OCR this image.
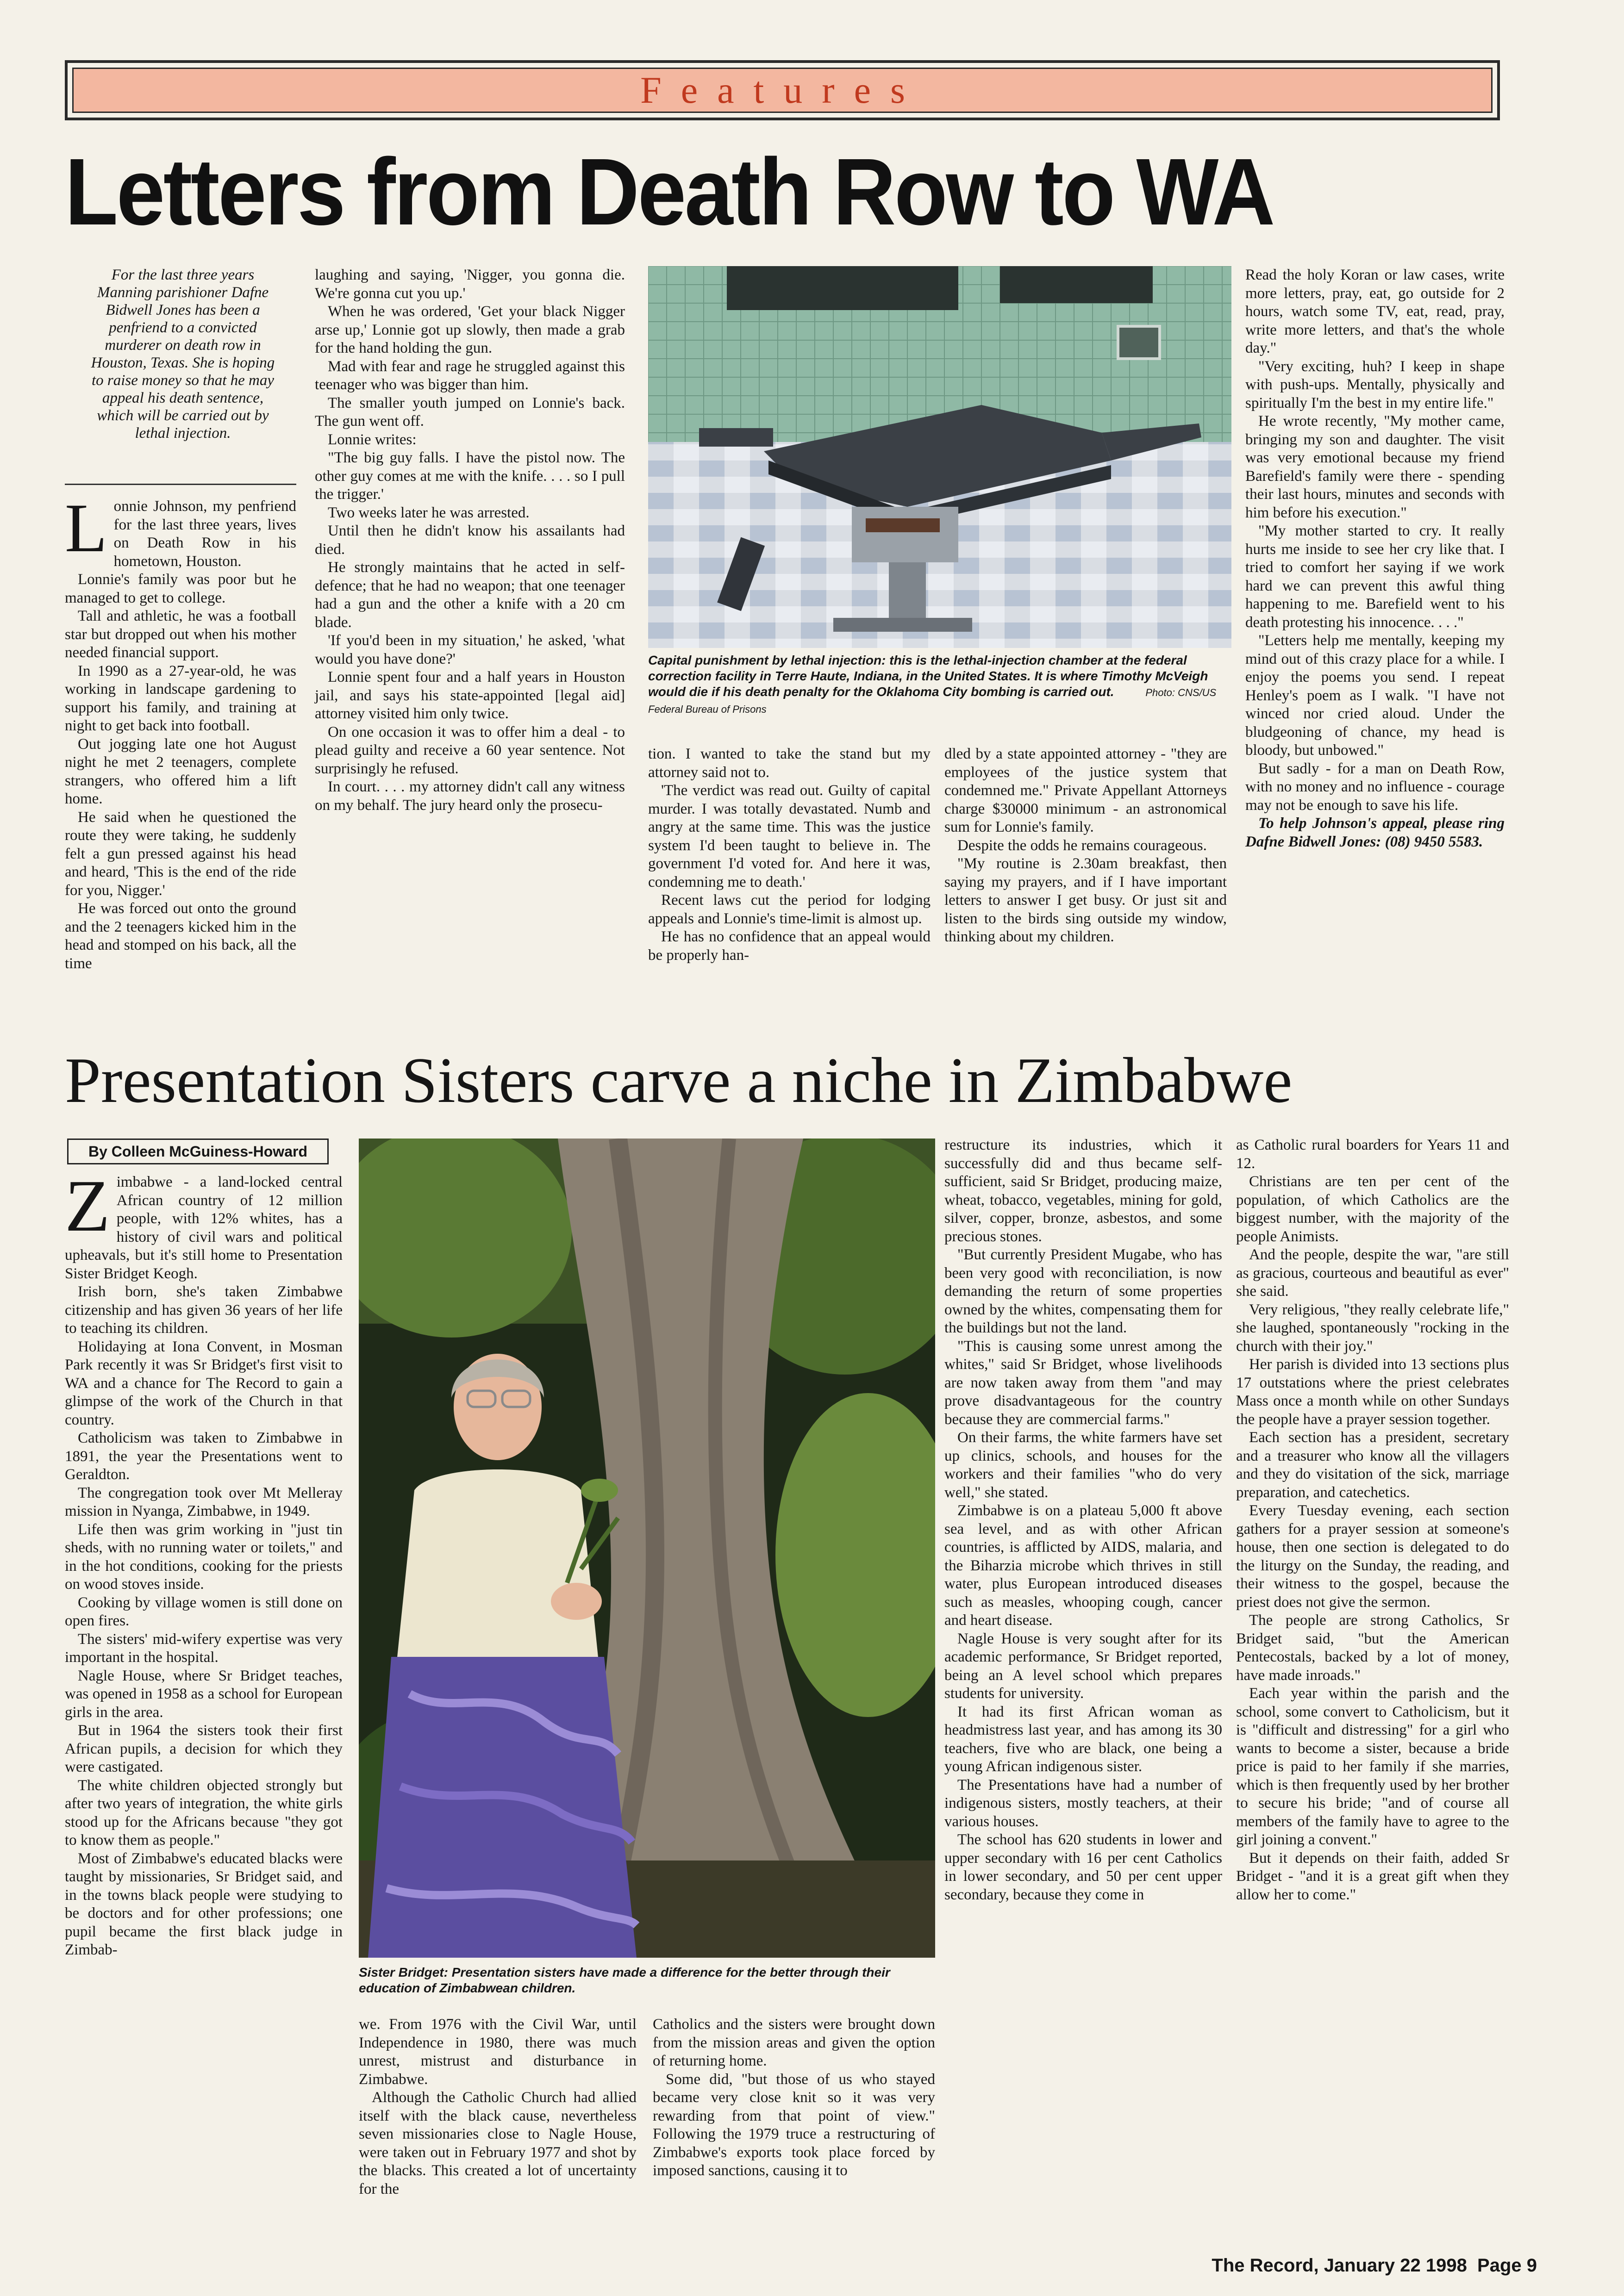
Features
Letters from Death Row to WA
For the last three years Manning parishioner Dafne Bidwell Jones has been a penfriend to a convicted murderer on death row in Houston, Texas. She is hoping to raise money so that he may appeal his death sentence, which will be carried out by lethal injection.
L onnie Johnson, my penfriend for the last three years, lives on Death Row in his hometown, Houston.

Lonnie's family was poor but he managed to get to college.

Tall and athletic, he was a football star but dropped out when his mother needed financial support.

In 1990 as a 27-year-old, he was working in landscape gardening to support his family, and training at night to get back into football.

Out jogging late one hot August night he met 2 teenagers, complete strangers, who offered him a lift home.

He said when he questioned the route they were taking, he suddenly felt a gun pressed against his head and heard, 'This is the end of the ride for you, Nigger.'

He was forced out onto the ground and the 2 teenagers kicked him in the head and stomped on his back, all the time

laughing and saying, 'Nigger, you gonna die. We're gonna cut you up.'

When he was ordered, 'Get your black Nigger arse up,' Lonnie got up slowly, then made a grab for the hand holding the gun.

Mad with fear and rage he struggled against this teenager who was bigger than him.

The smaller youth jumped on Lonnie's back. The gun went off.

Lonnie writes:

"The big guy falls. I have the pistol now. The other guy comes at me with the knife. . . . so I pull the trigger.'

Two weeks later he was arrested.

Until then he didn't know his assailants had died.

He strongly maintains that he acted in self-defence; that he had no weapon; that one teenager had a gun and the other a knife with a 20 cm blade.

'If you'd been in my situation,' he asked, 'what would you have done?'

Lonnie spent four and a half years in Houston jail, and says his state-appointed [legal aid] attorney visited him only twice.

On one occasion it was to offer him a deal - to plead guilty and receive a 60 year sentence. Not surprisingly he refused.

In court. . . . my attorney didn't call any witness on my behalf. The jury heard only the prosecu-

Capital punishment by lethal injection: this is the lethal-injection chamber at the federal correction facility in Terre Haute, Indiana, in the United States. It is where Timothy McVeigh would die if his death penalty for the Oklahoma City bombing is carried out.	Photo: CNS/US Federal Bureau of Prisons

tion. I wanted to take the stand but my attorney said not to.

'The verdict was read out. Guilty of capital murder. I was totally devastated. Numb and angry at the same time. This was the justice system I'd been taught to believe in. The government I'd voted for. And here it was, condemning me to death.'

Recent laws cut the period for lodging appeals and Lonnie's time-limit is almost up.

He has no confidence that an appeal would be properly han-

dled by a state appointed attorney - "they are employees of the justice system that condemned me." Private Appellant Attorneys charge $30000 minimum - an astronomical sum for Lonnie's family.

Despite the odds he remains courageous.

"My routine is 2.30am breakfast, then saying my prayers, and if I have important letters to answer I get busy. Or just sit and listen to the birds sing outside my window, thinking about my children.

Read the holy Koran or law cases, write more letters, pray, eat, go outside for 2 hours, watch some TV, eat, read, pray, write more letters, and that's the whole day."

"Very exciting, huh? I keep in shape with push-ups. Mentally, physically and spiritually I'm the best in my entire life."

He wrote recently, "My mother came, bringing my son and daughter. The visit was very emotional because my friend Barefield's family were there - spending their last hours, minutes and seconds with him before his execution."

"My mother started to cry. It really hurts me inside to see her cry like that. I tried to comfort her saying if we work hard we can prevent this awful thing happening to me. Barefield went to his death protesting his innocence. . . ."

"Letters help me mentally, keeping my mind out of this crazy place for a while. I enjoy the poems you send. I repeat Henley's poem as I walk. "I have not winced nor cried aloud. Under the bludgeoning of chance, my head is bloody, but unbowed."

But sadly - for a man on Death Row, with no money and no influence - courage may not be enough to save his life.

To help Johnson's appeal, please ring Dafne Bidwell Jones: (08) 9450 5583.

Presentation Sisters carve a niche in Zimbabwe
By Colleen McGuiness-Howard
Z imbabwe - a land-locked central African country of 12 million people, with 12% whites, has a history of civil wars and political upheavals, but it's still home to Presentation Sister Bridget Keogh.

Irish born, she's taken Zimbabwe citizenship and has given 36 years of her life to teaching its children.

Holidaying at Iona Convent, in Mosman Park recently it was Sr Bridget's first visit to WA and a chance for The Record to gain a glimpse of the work of the Church in that country.

Catholicism was taken to Zimbabwe in 1891, the year the Presentations went to Geraldton.

The congregation took over Mt Melleray mission in Nyanga, Zimbabwe, in 1949.

Life then was grim working in "just tin sheds, with no running water or toilets," and in the hot conditions, cooking for the priests on wood stoves inside.

Cooking by village women is still done on open fires.

The sisters' mid-wifery expertise was very important in the hospital.

Nagle House, where Sr Bridget teaches, was opened in 1958 as a school for European girls in the area.

But in 1964 the sisters took their first African pupils, a decision for which they were castigated.

The white children objected strongly but after two years of integration, the white girls stood up for the Africans because "they got to know them as people."

Most of Zimbabwe's educated blacks were taught by missionaries, Sr Bridget said, and in the towns black people were studying to be doctors and for other professions; one pupil became the first black judge in Zimbab-

Sister Bridget: Presentation sisters have made a difference for the better through their education of Zimbabwean children.

we. From 1976 with the Civil War, until Independence in 1980, there was much unrest, mistrust and disturbance in Zimbabwe.

Although the Catholic Church had allied itself with the black cause, nevertheless seven missionaries close to Nagle House, were taken out in February 1977 and shot by the blacks. This created a lot of uncertainty for the

Catholics and the sisters were brought down from the mission areas and given the option of returning home.

Some did, "but those of us who stayed became very close knit so it was very rewarding from that point of view." Following the 1979 truce a restructuring of Zimbabwe's exports took place forced by imposed sanctions, causing it to

restructure its industries, which it successfully did and thus became self-sufficient, said Sr Bridget, producing maize, wheat, tobacco, vegetables, mining for gold, silver, copper, bronze, asbestos, and some precious stones.

"But currently President Mugabe, who has been very good with reconciliation, is now demanding the return of some properties owned by the whites, compensating them for the buildings but not the land.

"This is causing some unrest among the whites," said Sr Bridget, whose livelihoods are now taken away from them "and may prove disadvantageous for the country because they are commercial farms."

On their farms, the white farmers have set up clinics, schools, and houses for the workers and their families "who do very well," she stated.

Zimbabwe is on a plateau 5,000 ft above sea level, and as with other African countries, is afflicted by AIDS, malaria, and the Biharzia microbe which thrives in still water, plus European introduced diseases such as measles, whooping cough, cancer and heart disease.

Nagle House is very sought after for its academic performance, Sr Bridget reported, being an A level school which prepares students for university.

It had its first African woman as headmistress last year, and has among its 30 teachers, five who are black, one being a young African indigenous sister.

The Presentations have had a number of indigenous sisters, mostly teachers, at their various houses.

The school has 620 students in lower and upper secondary with 16 per cent Catholics in lower secondary, and 50 per cent upper secondary, because they come in

as Catholic rural boarders for Years 11 and 12.

Christians are ten per cent of the population, of which Catholics are the biggest number, with the majority of the people Animists.

And the people, despite the war, "are still as gracious, courteous and beautiful as ever" she said.

Very religious, "they really celebrate life," she laughed, spontaneously "rocking in the church with their joy."

Her parish is divided into 13 sections plus 17 outstations where the priest celebrates Mass once a month while on other Sundays the people have a prayer session together.

Each section has a president, secretary and a treasurer who know all the villagers and they do visitation of the sick, marriage preparation, and catechetics.

Every Tuesday evening, each section gathers for a prayer session at someone's house, then one section is delegated to do the liturgy on the Sunday, the reading, and their witness to the gospel, because the priest does not give the sermon.

The people are strong Catholics, Sr Bridget said, "but the American Pentecostals, backed by a lot of money, have made inroads."

Each year within the parish and the school, some convert to Catholicism, but it is "difficult and distressing" for a girl who wants to become a sister, because a bride price is paid to her family if she marries, which is then frequently used by her brother to secure his bride; "and of course all members of the family have to agree to the girl joining a convent."

But it depends on their faith, added Sr Bridget - "and it is a great gift when they allow her to come."

The Record, January 22 1998  Page 9
